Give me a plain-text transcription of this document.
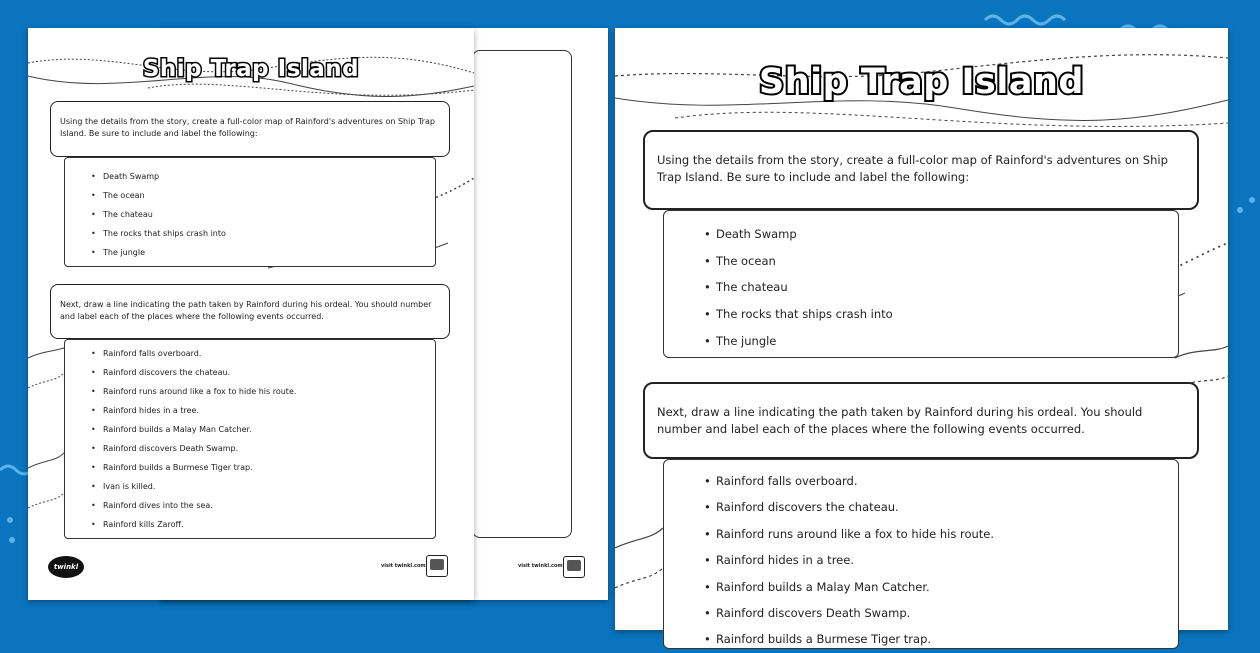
visit twinkl.com
Ship Trap Island

Using the details from the story, create a full-color map of Rainford's adventures on Ship Trap Island. Be sure to include and label the following:

• Death Swamp
• The ocean
• The chateau
• The rocks that ships crash into
• The jungle

Next, draw a line indicating the path taken by Rainford during his ordeal. You should number and label each of the places where the following events occurred.

• Rainford falls overboard.
• Rainford discovers the chateau.
• Rainford runs around like a fox to hide his route.
• Rainford hides in a tree.
• Rainford builds a Malay Man Catcher.
• Rainford discovers Death Swamp.
• Rainford builds a Burmese Tiger trap.
• Ivan is killed.
• Rainford dives into the sea.
• Rainford kills Zaroff.
twinkl	visit twinkl.com
Ship Trap Island

Using the details from the story, create a full-color map of Rainford's adventures on Ship Trap Island. Be sure to include and label the following:

• Death Swamp
• The ocean
• The chateau
• The rocks that ships crash into
• The jungle

Next, draw a line indicating the path taken by Rainford during his ordeal. You should number and label each of the places where the following events occurred.

• Rainford falls overboard.
• Rainford discovers the chateau.
• Rainford runs around like a fox to hide his route.
• Rainford hides in a tree.
• Rainford builds a Malay Man Catcher.
• Rainford discovers Death Swamp.
• Rainford builds a Burmese Tiger trap.
